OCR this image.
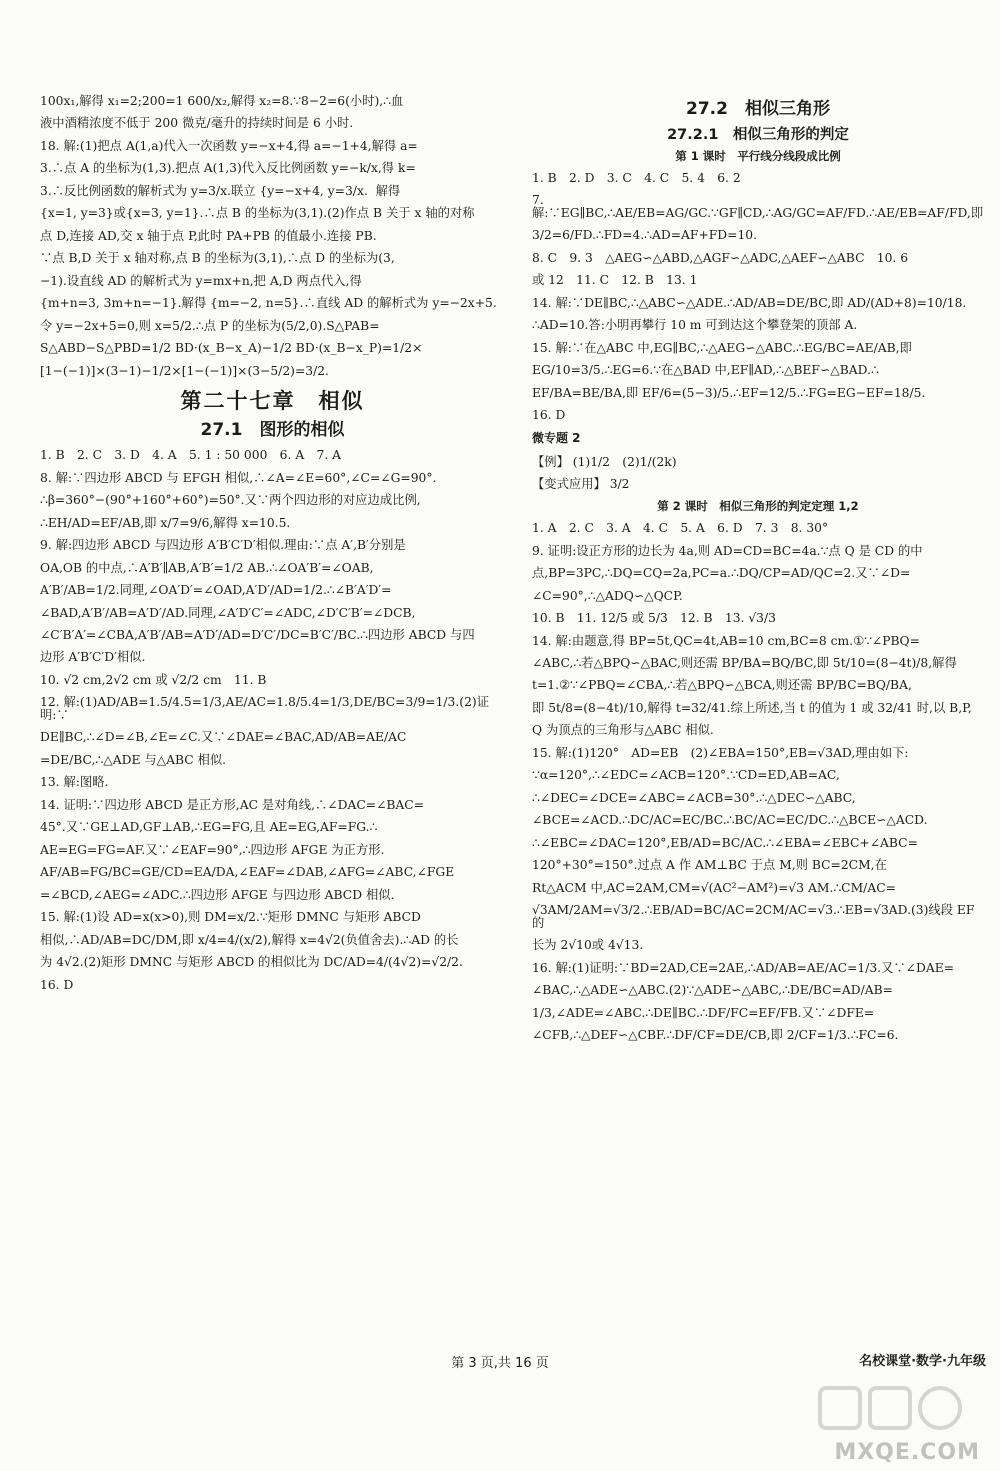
100x₁,解得 x₁=2;200=1 600/x₂,解得 x₂=8.∵8−2=6(小时),∴血

液中酒精浓度不低于 200 微克/毫升的持续时间是 6 小时.

18. 解:(1)把点 A(1,a)代入一次函数 y=−x+4,得 a=−1+4,解得 a=

3.∴点 A 的坐标为(1,3).把点 A(1,3)代入反比例函数 y=−k/x,得 k=

3.∴反比例函数的解析式为 y=3/x.联立 {y=−x+4, y=3/x.  解得

{x=1, y=3}或{x=3, y=1}.∴点 B 的坐标为(3,1).(2)作点 B 关于 x 轴的对称

点 D,连接 AD,交 x 轴于点 P,此时 PA+PB 的值最小.连接 PB.

∵点 B,D 关于 x 轴对称,点 B 的坐标为(3,1),∴点 D 的坐标为(3,

−1).设直线 AD 的解析式为 y=mx+n,把 A,D 两点代入,得

{m+n=3, 3m+n=−1}.解得 {m=−2, n=5}.∴直线 AD 的解析式为 y=−2x+5.

令 y=−2x+5=0,则 x=5/2.∴点 P 的坐标为(5/2,0).S△PAB=

S△ABD−S△PBD=1/2 BD·(x_B−x_A)−1/2 BD·(x_B−x_P)=1/2×

[1−(−1)]×(3−1)−1/2×[1−(−1)]×(3−5/2)=3/2.

第二十七章　相似
27.1　图形的相似

1. B　2. C　3. D　4. A　5. 1 : 50 000　6. A　7. A

8. 解:∵四边形 ABCD 与 EFGH 相似,∴∠A=∠E=60°,∠C=∠G=90°.

∴β=360°−(90°+160°+60°)=50°.又∵两个四边形的对应边成比例,

∴EH/AD=EF/AB,即 x/7=9/6,解得 x=10.5.

9. 解:四边形 ABCD 与四边形 A′B′C′D′相似.理由:∵点 A′,B′分别是

OA,OB 的中点,∴A′B′∥AB,A′B′=1/2 AB.∴∠OA′B′=∠OAB,

A′B′/AB=1/2.同理,∠OA′D′=∠OAD,A′D′/AD=1/2.∴∠B′A′D′=

∠BAD,A′B′/AB=A′D′/AD.同理,∠A′D′C′=∠ADC,∠D′C′B′=∠DCB,

∠C′B′A′=∠CBA,A′B′/AB=A′D′/AD=D′C′/DC=B′C′/BC.∴四边形 ABCD 与四

边形 A′B′C′D′相似.

10. √2 cm,2√2 cm 或 √2/2 cm　11. B

12. 解:(1)AD/AB=1.5/4.5=1/3,AE/AC=1.8/5.4=1/3,DE/BC=3/9=1/3.(2)证明:∵

DE∥BC,∴∠D=∠B,∠E=∠C.又∵∠DAE=∠BAC,AD/AB=AE/AC

=DE/BC,∴△ADE 与△ABC 相似.

13. 解:图略.

14. 证明:∵四边形 ABCD 是正方形,AC 是对角线,∴∠DAC=∠BAC=

45°.又∵GE⊥AD,GF⊥AB,∴EG=FG,且 AE=EG,AF=FG.∴

AE=EG=FG=AF.又∵∠EAF=90°,∴四边形 AFGE 为正方形.

AF/AB=FG/BC=GE/CD=EA/DA,∠EAF=∠DAB,∠AFG=∠ABC,∠FGE

=∠BCD,∠AEG=∠ADC.∴四边形 AFGE 与四边形 ABCD 相似.

15. 解:(1)设 AD=x(x>0),则 DM=x/2.∵矩形 DMNC 与矩形 ABCD

相似,∴AD/AB=DC/DM,即 x/4=4/(x/2),解得 x=4√2(负值舍去).∴AD 的长

为 4√2.(2)矩形 DMNC 与矩形 ABCD 的相似比为 DC/AD=4/(4√2)=√2/2.

16. D

27.2　相似三角形
27.2.1　相似三角形的判定
第 1 课时　平行线分线段成比例

1. B　2. D　3. C　4. C　5. 4　6. 2

7. 解:∵EG∥BC,∴AE/EB=AG/GC.∵GF∥CD,∴AG/GC=AF/FD.∴AE/EB=AF/FD,即

3/2=6/FD.∴FD=4.∴AD=AF+FD=10.

8. C　9. 3　△AEG∽△ABD,△AGF∽△ADC,△AEF∽△ABC　10. 6

或 12　11. C　12. B　13. 1

14. 解:∵DE∥BC,∴△ABC∽△ADE.∴AD/AB=DE/BC,即 AD/(AD+8)=10/18.

∴AD=10.答:小明再攀行 10 m 可到达这个攀登架的顶部 A.

15. 解:∵在△ABC 中,EG∥BC,∴△AEG∽△ABC.∴EG/BC=AE/AB,即

EG/10=3/5.∴EG=6.∵在△BAD 中,EF∥AD,∴△BEF∽△BAD.∴

EF/BA=BE/BA,即 EF/6=(5−3)/5.∴EF=12/5.∴FG=EG−EF=18/5.

16. D

微专题 2

【例】 (1)1/2　(2)1/(2k)

【变式应用】 3/2

第 2 课时　相似三角形的判定定理 1,2

1. A　2. C　3. A　4. C　5. A　6. D　7. 3　8. 30°

9. 证明:设正方形的边长为 4a,则 AD=CD=BC=4a.∵点 Q 是 CD 的中

点,BP=3PC,∴DQ=CQ=2a,PC=a.∴DQ/CP=AD/QC=2.又∵∠D=

∠C=90°,∴△ADQ∽△QCP.

10. B　11. 12/5 或 5/3　12. B　13. √3/3

14. 解:由题意,得 BP=5t,QC=4t,AB=10 cm,BC=8 cm.①∵∠PBQ=

∠ABC,∴若△BPQ∽△BAC,则还需 BP/BA=BQ/BC,即 5t/10=(8−4t)/8,解得

t=1.②∵∠PBQ=∠CBA,∴若△BPQ∽△BCA,则还需 BP/BC=BQ/BA,

即 5t/8=(8−4t)/10,解得 t=32/41.综上所述,当 t 的值为 1 或 32/41 时,以 B,P,

Q 为顶点的三角形与△ABC 相似.

15. 解:(1)120°　AD=EB　(2)∠EBA=150°,EB=√3AD,理由如下:

∵α=120°,∴∠EDC=∠ACB=120°.∵CD=ED,AB=AC,

∴∠DEC=∠DCE=∠ABC=∠ACB=30°.∴△DEC∽△ABC,

∠BCE=∠ACD.∴DC/AC=EC/BC.∴BC/AC=EC/DC.∴△BCE∽△ACD.

∴∠EBC=∠DAC=120°,EB/AD=BC/AC.∴∠EBA=∠EBC+∠ABC=

120°+30°=150°.过点 A 作 AM⊥BC 于点 M,则 BC=2CM,在

Rt△ACM 中,AC=2AM,CM=√(AC²−AM²)=√3 AM.∴CM/AC=

√3AM/2AM=√3/2.∴EB/AD=BC/AC=2CM/AC=√3.∴EB=√3AD.(3)线段 EF 的

长为 2√10或 4√13.

16. 解:(1)证明:∵BD=2AD,CE=2AE,∴AD/AB=AE/AC=1/3.又∵∠DAE=

∠BAC,∴△ADE∽△ABC.(2)∵△ADE∽△ABC,∴DE/BC=AD/AB=

1/3,∠ADE=∠ABC.∴DE∥BC.∴DF/FC=EF/FB.又∵∠DFE=

∠CFB,∴△DEF∽△CBF.∴DF/CF=DE/CB,即 2/CF=1/3.∴FC=6.

第 3 页,共 16 页	名校课堂·数学·九年级
MXQE.COM
